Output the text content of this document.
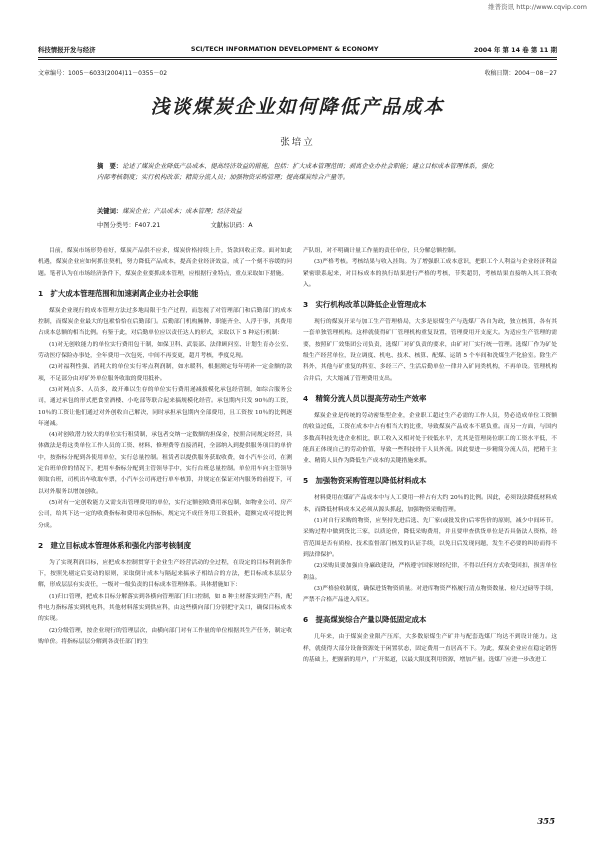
维普资讯 http://www.cqvip.com
科技情报开发与经济	SCI/TECH INFORMATION DEVELOPMENT & ECONOMY	2004 年 第 14 卷 第 11 期
文章编号：1005－6033(2004)11－0355－02	收稿日期：2004－08－27
浅谈煤炭企业如何降低产品成本
张培立
摘　要：论述了煤炭企业降低产品成本、提高经济效益的措施，包括：扩大成本管理范围；剥离企业办社会职能；建立目标成本管理体系，强化内部考核制度；实行机构改革；精简分流人员；加强物资采购管理；提高煤炭综合产量等。
关键词：煤炭企业；产品成本；成本管理；经济效益
中图分类号：F407.21	文献标识码：A

目前，煤炭市场形势看好，煤炭产品供不应求，煤炭价格持续上升，货款回收正常。面对如此机遇，煤炭企业应如何抓住契机，努力降低产品成本，提高企业经济效益，成了一个刻不容缓的问题。笔者认为在市场经济条件下，煤炭企业要抓成本管理，应根据行业特点，重点采取如下措施。

1　扩大成本管理范围和加速剥离企业办社会职能

煤炭企业现行的成本管理方法过多地局限于生产过程，而忽视了对管理部门和后勤部门的成本控制，而煤炭企业最大的包袱恰恰在后勤部门。后勤部门机构臃肿、职能齐全、人浮于事，其费用占成本总额的相当比例。有鉴于此，对后勤单位应以责任达人的形式，采取以下 5 种运行机制：

(1)对无创收能力的单位实行费用包干制，如保卫科、武装部、法律顾问室、计划生育办公室、劳动医疗保险办事处，全年费用一次包死，中间不再变更，超月考核，季度兑现。

(2)对福利性强、消耗大的单位实行零点利润制，如水暖科，根据测定每年明补一定金额的款项，不足部分由对矿外单位服务收取的费用抵补。

(3)对网点多、人员多，故开难以生存的单位实行费用递减拔模化承包经营制，如综合服务公司，通过承包的形式把食堂酒楼、小吃部等联合起来搞规模化经营。承包期内只发 90％的工资，10％的工资让他们通过对外创收自己解决，同时承担承包期内全部费用，且工资按 10％的比例逐年递减。

(4)对创收潜力较大的单位实行租赁制，承包者交纳一定数额的担保金，按照合同规定经营，具体做法是将这类单位工作人员的工资、材料、修理费等直接消耗，全部纳入到提供服务项目的单价中，按指标分配到各使用单位，实行总量控制。租赁者以提供服务获取收费，如小汽车公司，在测定台班单价的情况下，把用车指标分配到主管领导手中，实行台班总量控制。单位用车向主管领导领取台班，司机出车收取车票，小汽车公司再进行单车核算，并规定在保证对内服务的前提下，可以对外服务以增加创收。

(5)对有一定创收能力又需支出管理费用的单位，实行定额创收费用承包制，如物业公司、房产公司，给其下达一定的收费指标和费用承包指标，规定完不成任务用工资抵补，超额完成可提比例分成。

2　建立目标成本管理体系和强化内部考核制度

为了实现利润目标，应把成本控制贯穿于企业生产经营活动的全过程，在设定的目标利润条件下，按照先剔定后变动的原则，采取倒计成本与隔起来搞承子相结合的方法，把目标成本层层分解，形成层层有实责任，一级对一级负责的目标成本管理体系。具体措施如下：

(1)归口管理，把成本目标分解落实到各横向管理部门归口控制，如 8 种主材落实到生产科，配件电力指标落实到机电科，其他材料落实到供应科，由这些横向部门分别把守关口，确保目标成本的实现。

(2)分级管理，按企业现行的管理层次，由横向部门对有工作量的单位根据其生产任务，制定收购单价。将指标层层分解到各责任部门的生

产队组，对不明确计量工作量的责任单位，只分解总额控制。

(3)严格考核。考核结果与收入挂钩。为了增强职工成本意识，把职工个人利益与企业经济利益紧密联系起来，对目标成本的执行结果进行严格的考核，节奖超罚，考核结果直接纳入其工资收入。

3　实行机构改革以降低企业管理成本

现行的煤炭开采与加工生产管理格局，大多是原煤生产与选煤厂各自为政，独立核算，各有其一套单独管理机构。这样就使得矿厂管理机构重复设置，管理费用开支庞大。为适应生产管理的需要，按照矿厂效集团公司负责，选煤厂对矿负责的要求，由矿对厂实行统一管理。选煤厂作为矿处级生产经营单位，设立调度、机电、技术、核算、配煤、运销 5 个车间和洗煤生产化验室。除生产科外，其他与矿重复的科室、多经三产、生活后勤单位一律并入矿同类机构，不再单设。管理机构合并后，大大缩减了管理费用支出。

4　精简分流人员以提高劳动生产效率

煤炭企业是传统的劳动密集型企业，企业职工超过生产必需的工作人员，势必造成单位工资额的收益过低，工资在成本中占有相当大的比重，导致煤炭产品成本不堪负重。而另一方面，与国内多数高科技先进企业相比，职工收入又相对处于较低水平，尤其是管理岗位职工的工资水平低，不能真正体现自己的劳动价值，导致一些科技骨干人员外流。因此要进一步精简分流人员，把精干主业、精简人员作为降低生产成本的关键措施来抓。

5　加强物资采购管理以降低材料成本

材料费用在煤矿产品成本中与人工费用一样占有大约 20％的比例。因此，必须设法降低材料成本，而降低材料成本又必须从源头抓起，加强物资采购管理。

(1)对自行采购的物资，应坚持先进后选、先厂家(或批发价)后零售价的原则，减少中间环节。采购过程中做到货比三家，以质论价，降低采购费用，并且要审查供货单位是否具备法人资格，经营范围是否有质检、技术监督部门核发的认证手续，以免日后发现问题，发生不必要的纠纷而得不到法律保护。

(2)采购员要加强自身廉政建设，严格遵守国家财经纪律，不得以任何方式收受回扣，损害单位利益。

(3)严格验收制度，确保进货物资质量。对进库物资严格履行清点物资数量、检尺过磅等手续，严禁不合格产品进入库区。

6　提高煤炭综合产量以降低固定成本

几年来，由于煤炭企业限产压库，大多数原煤生产矿井与配套选煤厂均达不到设计能力。这样，就使得大部分设备资源处于闲置状态，固定费用一直居高不下。为此，煤炭企业应在稳定销售的基础上，把握新的用户，广开渠道，以最大限度利用资源，增加产量。选煤厂应进一步改进工

355
